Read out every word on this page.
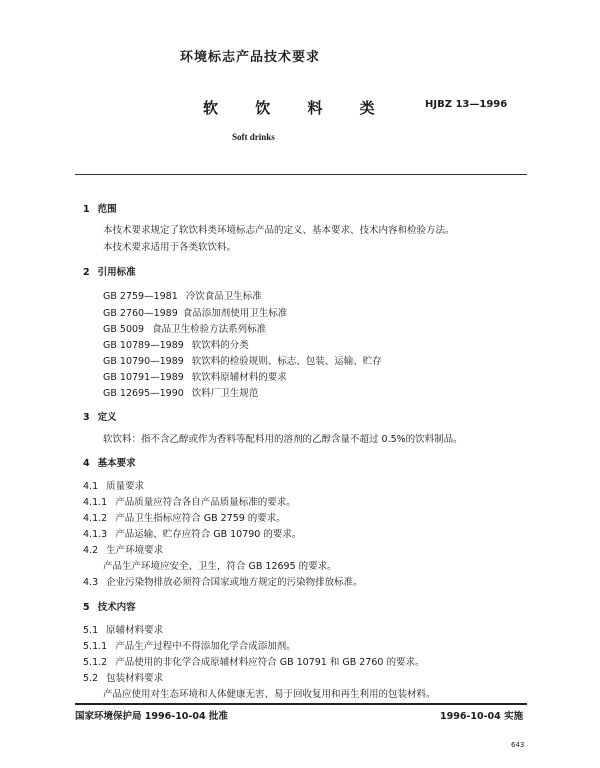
环境标志产品技术要求
软 饮 料 类	HJBZ 13—1996
Soft drinks
1 范围
本技术要求规定了软饮料类环境标志产品的定义、基本要求、技术内容和检验方法。
本技术要求适用于各类软饮料。
2 引用标准
GB 2759—1981 冷饮食品卫生标准
GB 2760—1989 食品添加剂使用卫生标准
GB 5009 食品卫生检验方法系列标准
GB 10789—1989 软饮料的分类
GB 10790—1989 软饮料的检验规则、标志、包装、运输、贮存
GB 10791—1989 软饮料原辅材料的要求
GB 12695—1990 饮料厂卫生规范
3 定义
软饮料：指不含乙醇或作为香料等配料用的溶剂的乙醇含量不超过 0.5%的饮料制品。
4 基本要求
4.1 质量要求
4.1.1 产品质量应符合各自产品质量标准的要求。
4.1.2 产品卫生指标应符合 GB 2759 的要求。
4.1.3 产品运输、贮存应符合 GB 10790 的要求。
4.2 生产环境要求
产品生产环境应安全、卫生，符合 GB 12695 的要求。
4.3 企业污染物排放必须符合国家或地方规定的污染物排放标准。
5 技术内容
5.1 原辅材料要求
5.1.1 产品生产过程中不得添加化学合成添加剂。
5.1.2 产品使用的非化学合成原辅材料应符合 GB 10791 和 GB 2760 的要求。
5.2 包装材料要求
产品应使用对生态环境和人体健康无害、易于回收复用和再生利用的包装材料。
国家环境保护局 1996-10-04 批准	1996-10-04 实施
643
